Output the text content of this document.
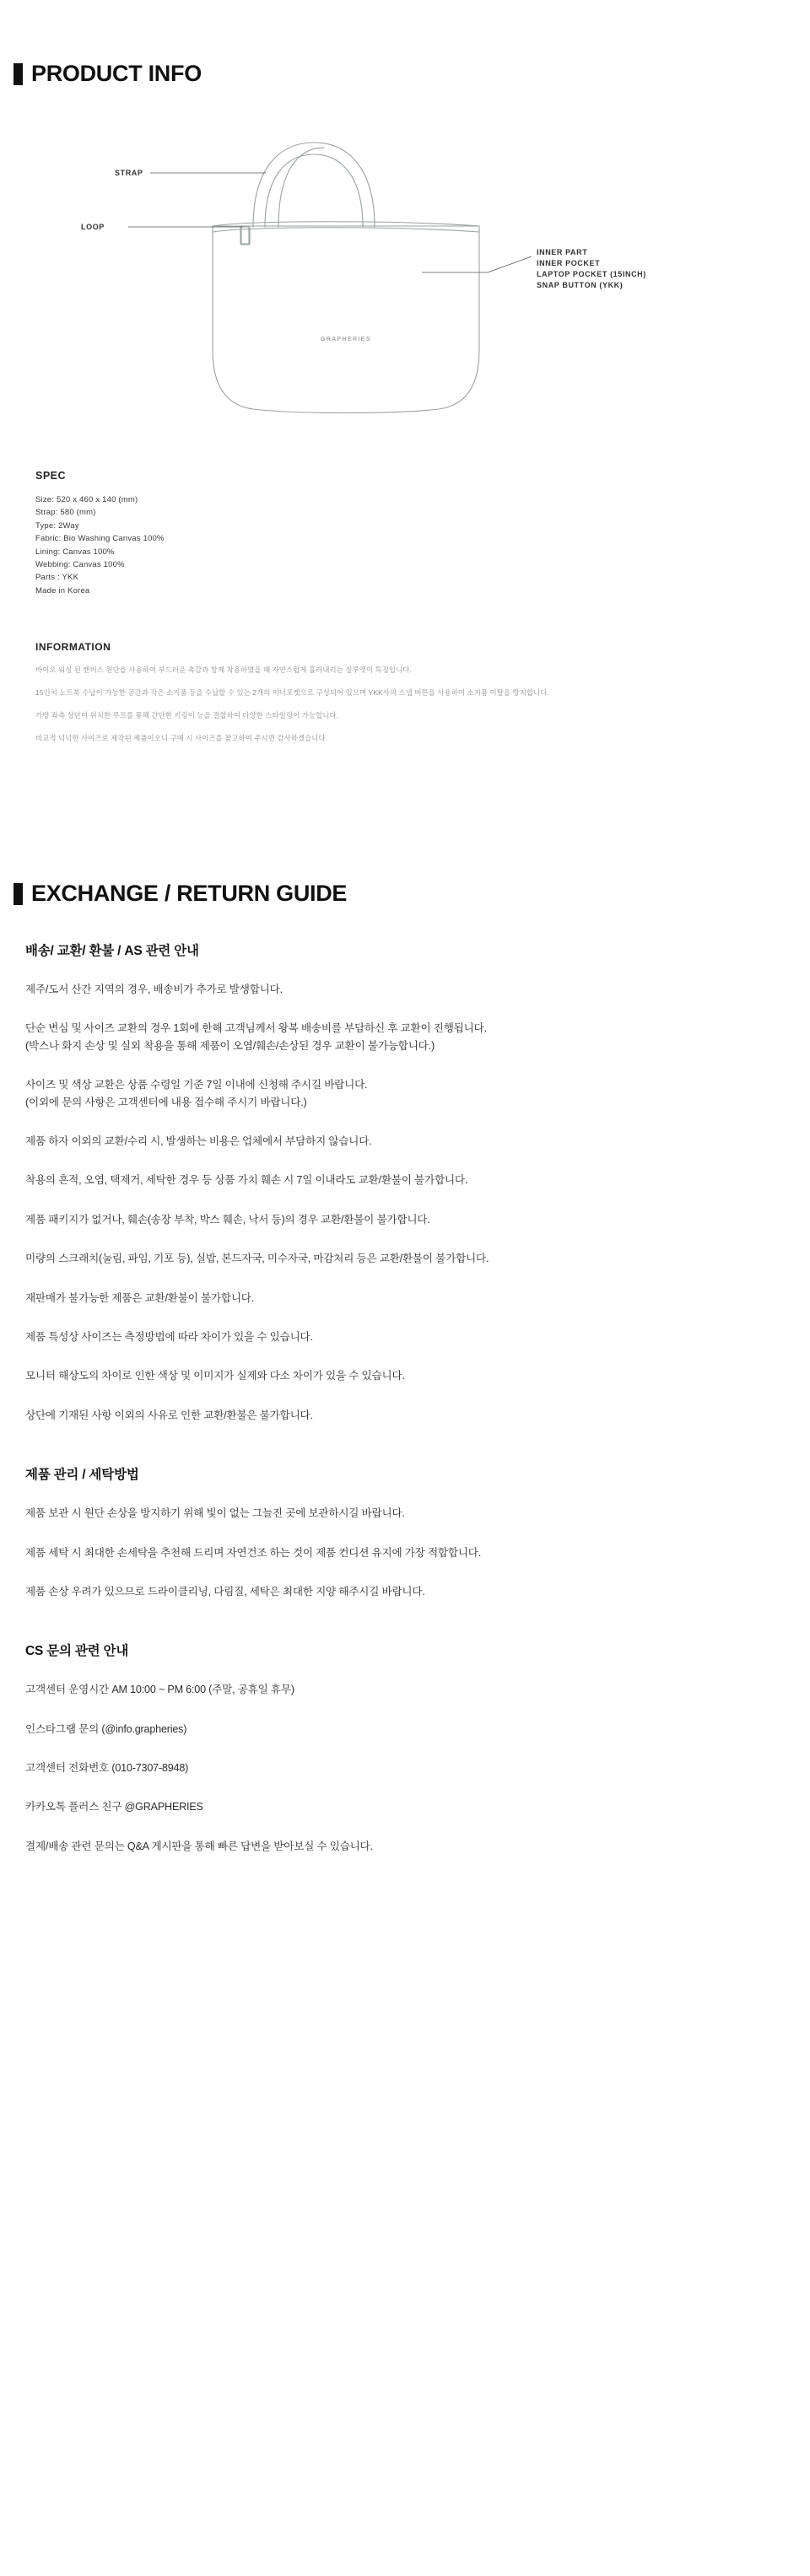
PRODUCT INFO
GRAPHERIES
STRAP
LOOP
INNER PART
INNER POCKET
LAPTOP POCKET (15INCH)
SNAP BUTTON (YKK)
SPEC
Size: 520 x 460 x 140 (mm)
Strap: 580 (mm)
Type: 2Way
Fabric: Bio Washing Canvas 100%
Lining: Canvas 100%
Webbing: Canvas 100%
Parts : YKK
Made in Korea
INFORMATION

바이오 워싱 된 캔버스 원단을 사용하여 부드러운 촉감과 함께 착용하였을 때 자연스럽게 흘러내리는 실루엣이 특징입니다.

15인치 노트북 수납이 가능한 공간과 작은 소지품 등을 수납할 수 있는 2개의 이너포켓으로 구성되어 있으며 YKK사의 스냅 버튼을 사용하여 소지품 이탈을 방지합니다.

가방 좌측 상단이 위치한 루프를 통해 간단한 키링이 능을 결합하여 다양한 스타일링이 가능합니다.

비교적 넉넉한 사이즈로 제작된 제품이오니 구매 시 사이즈를 참고하여 주시면 감사하겠습니다.

EXCHANGE / RETURN GUIDE
배송/ 교환/ 환불 / AS 관련 안내

제주/도서 산간 지역의 경우, 배송비가 추가로 발생합니다.

단순 변심 및 사이즈 교환의 경우 1회에 한해 고객님께서 왕복 배송비를 부담하신 후 교환이 진행됩니다.
(박스나 화지 손상 및 실외 착용을 통해 제품이 오염/훼손/손상된 경우 교환이 불가능합니다.)

사이즈 및 색상 교환은 상품 수령일 기준 7일 이내에 신청해 주시길 바랍니다.
(이외에 문의 사항은 고객센터에 내용 접수해 주시기 바랍니다.)

제품 하자 이외의 교환/수리 시, 발생하는 비용은 업체에서 부담하지 않습니다.

착용의 흔적, 오염, 택제거, 세탁한 경우 등 상품 가치 훼손 시 7일 이내라도 교환/환불이 불가합니다.

제품 패키지가 없거나, 훼손(송장 부착, 박스 훼손, 낙서 등)의 경우 교환/환불이 불가합니다.

미량의 스크래치(눌림, 파임, 기포 등), 실밥, 본드자국, 미수자국, 마감처리 등은 교환/환불이 불가합니다.

재판매가 불가능한 제품은 교환/환불이 불가합니다.

제품 특성상 사이즈는 측정방법에 따라 차이가 있을 수 있습니다.

모니터 해상도의 차이로 인한 색상 및 이미지가 실제와 다소 차이가 있을 수 있습니다.

상단에 기재된 사항 이외의 사유로 인한 교환/환불은 불가합니다.

제품 관리 / 세탁방법

제품 보관 시 원단 손상을 방지하기 위해 빛이 없는 그늘진 곳에 보관하시길 바랍니다.

제품 세탁 시 최대한 손세탁을 추천해 드리며 자연건조 하는 것이 제품 컨디션 유지에 가장 적합합니다.

제품 손상 우려가 있으므로 드라이클리닝, 다림질, 세탁은 최대한 지양 해주시길 바랍니다.

CS 문의 관련 안내

고객센터 운영시간 AM 10:00 ~ PM 6:00 (주말, 공휴일 휴무)

인스타그램 문의 (@info.grapheries)

고객센터 전화번호 (010-7307-8948)

카카오톡 플러스 친구 @GRAPHERIES

결제/배송 관련 문의는 Q&A 게시판을 통해 빠른 답변을 받아보실 수 있습니다.
